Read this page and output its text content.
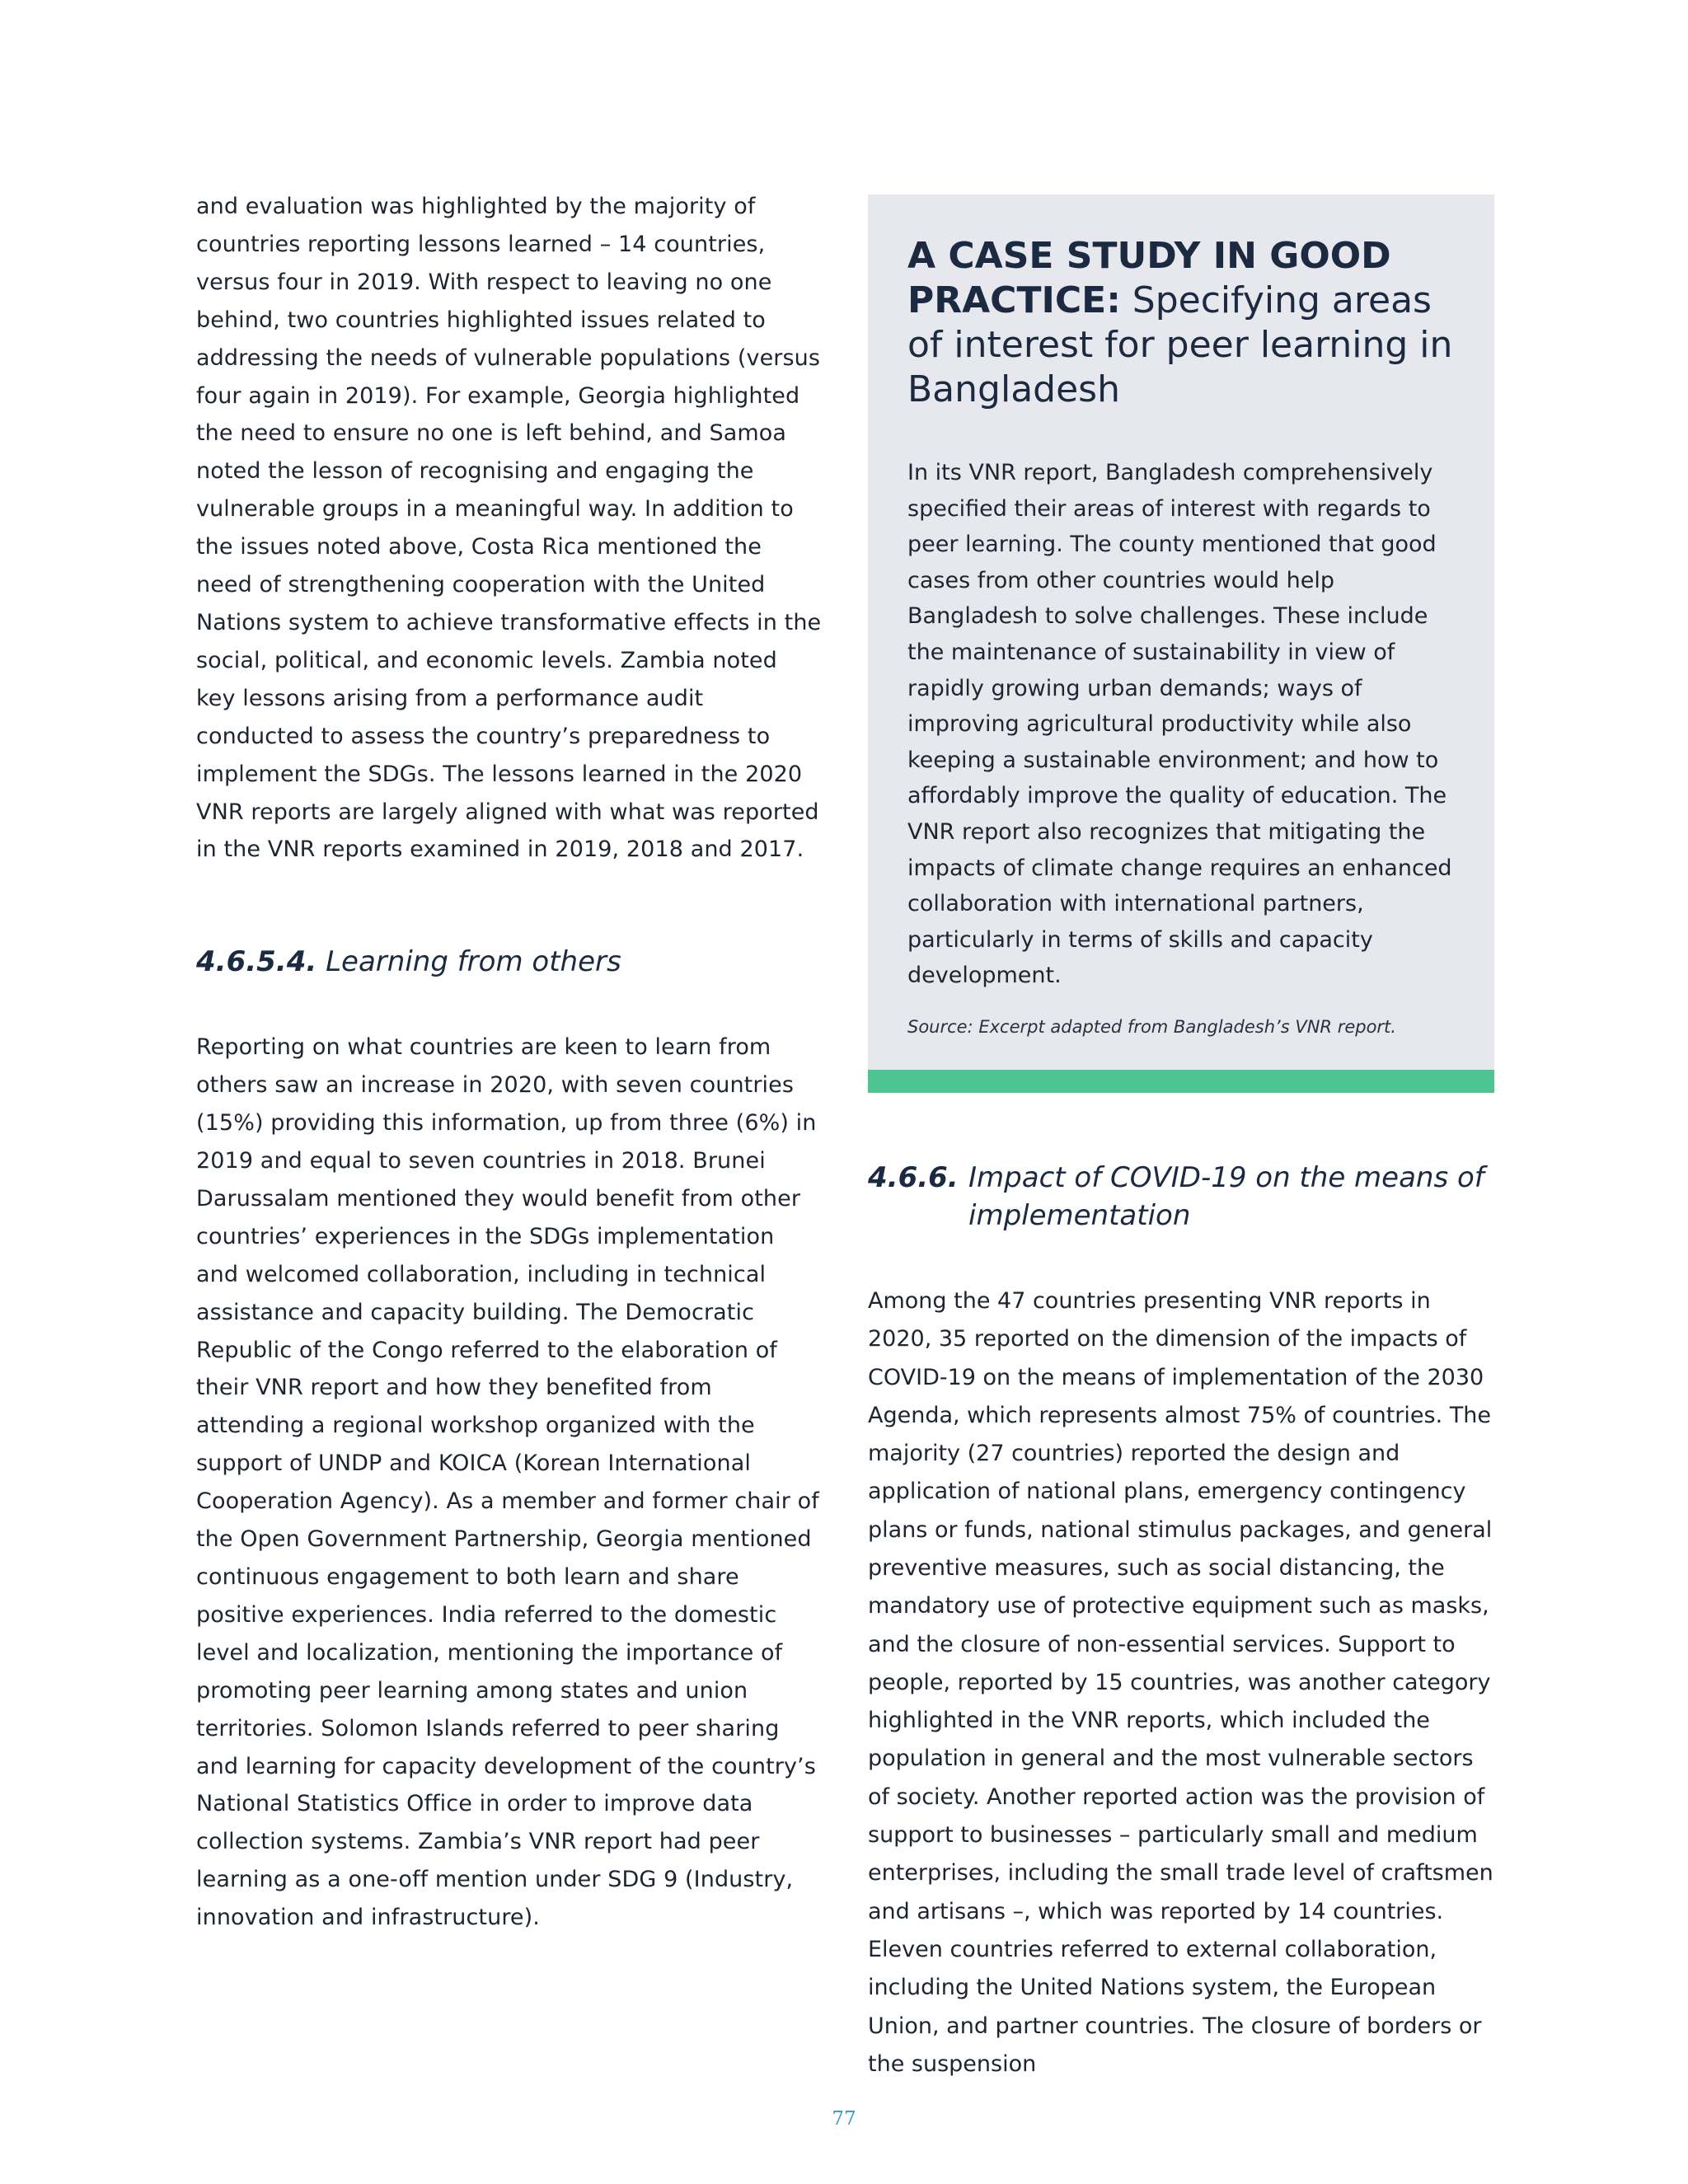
and evaluation was highlighted by the majority of countries reporting lessons learned – 14 countries, versus four in 2019. With respect to leaving no one behind, two countries highlighted issues related to addressing the needs of vulnerable populations (versus four again in 2019). For example, Georgia highlighted the need to ensure no one is left behind, and Samoa noted the lesson of recognising and engaging the vulnerable groups in a meaningful way. In addition to the issues noted above, Costa Rica mentioned the need of strengthening cooperation with the United Nations system to achieve transformative effects in the social, political, and economic levels. Zambia noted key lessons arising from a performance audit conducted to assess the country’s preparedness to implement the SDGs. The lessons learned in the 2020 VNR reports are largely aligned with what was reported in the VNR reports examined in 2019, 2018 and 2017.

4.6.5.4. Learning from others

Reporting on what countries are keen to learn from others saw an increase in 2020, with seven countries (15%) providing this information, up from three (6%) in 2019 and equal to seven countries in 2018. Brunei Darussalam mentioned they would benefit from other countries’ experiences in the SDGs implementation and welcomed collaboration, including in technical assistance and capacity building. The Democratic Republic of the Congo referred to the elaboration of their VNR report and how they benefited from attending a regional workshop organized with the support of UNDP and KOICA (Korean International Cooperation Agency). As a member and former chair of the Open Government Partnership, Georgia mentioned continuous engagement to both learn and share positive experiences. India referred to the domestic level and localization, mentioning the importance of promoting peer learning among states and union territories. Solomon Islands referred to peer sharing and learning for capacity development of the country’s National Statistics Office in order to improve data collection systems. Zambia’s VNR report had peer learning as a one-off mention under SDG 9 (Industry, innovation and infrastructure).

A CASE STUDY IN GOOD PRACTICE: Specifying areas of interest for peer learning in Bangladesh

In its VNR report, Bangladesh comprehensively specified their areas of interest with regards to peer learning. The county mentioned that good cases from other countries would help Bangladesh to solve challenges. These include the maintenance of sustainability in view of rapidly growing urban demands; ways of improving agricultural productivity while also keeping a sustainable environment; and how to affordably improve the quality of education. The VNR report also recognizes that mitigating the impacts of climate change requires an enhanced collaboration with international partners, particularly in terms of skills and capacity development.

Source: Excerpt adapted from Bangladesh’s VNR report.

4.6.6. Impact of COVID-19 on the means of implementation

Among the 47 countries presenting VNR reports in 2020, 35 reported on the dimension of the impacts of COVID-19 on the means of implementation of the 2030 Agenda, which represents almost 75% of countries. The majority (27 countries) reported the design and application of national plans, emergency contingency plans or funds, national stimulus packages, and general preventive measures, such as social distancing, the mandatory use of protective equipment such as masks, and the closure of non-essential services. Support to people, reported by 15 countries, was another category highlighted in the VNR reports, which included the population in general and the most vulnerable sectors of society. Another reported action was the provision of support to businesses – particularly small and medium enterprises, including the small trade level of craftsmen and artisans –, which was reported by 14 countries. Eleven countries referred to external collaboration, including the United Nations system, the European Union, and partner countries. The closure of borders or the suspension

77
